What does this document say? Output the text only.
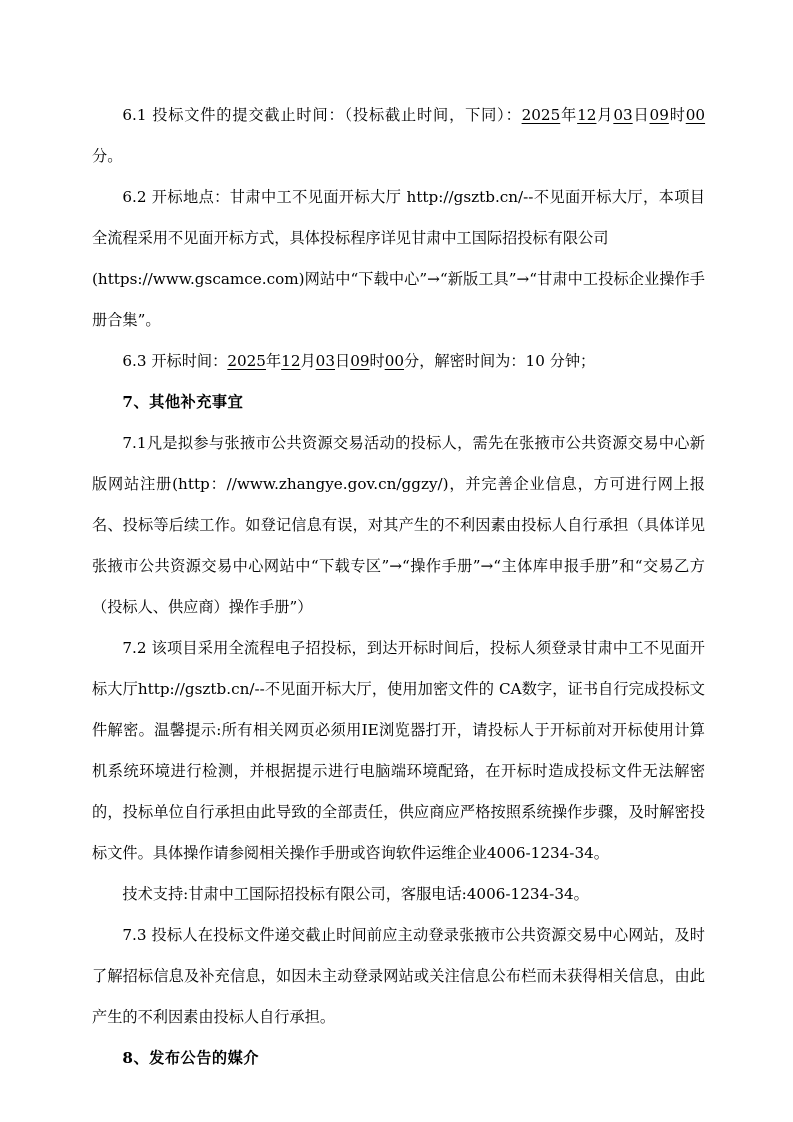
6.1 投标文件的提交截止时间：（投标截止时间，下同）：2025年12月03日09时00分。

6.2 开标地点：甘肃中工不见面开标大厅 http://gsztb.cn/--不见面开标大厅，本项目全流程采用不见面开标方式，具体投标程序详见甘肃中工国际招投标有限公司

(https://www.gscamce.com)网站中“下载中心”→“新版工具”→“甘肃中工投标企业操作手册合集”。

6.3 开标时间：2025年12月03日09时00分，解密时间为：10 分钟；

7、其他补充事宜

7.1凡是拟参与张掖市公共资源交易活动的投标人，需先在张掖市公共资源交易中心新版网站注册(http：//www.zhangye.gov.cn/ggzy/)，并完善企业信息，方可进行网上报名、投标等后续工作。如登记信息有误，对其产生的不利因素由投标人自行承担（具体详见张掖市公共资源交易中心网站中“下载专区”→“操作手册”→“主体库申报手册”和“交易乙方（投标人、供应商）操作手册”）

7.2 该项目采用全流程电子招投标，到达开标时间后，投标人须登录甘肃中工不见面开标大厅http://gsztb.cn/--不见面开标大厅，使用加密文件的 CA数字，证书自行完成投标文件解密。温馨提示:所有相关网页必须用IE浏览器打开，请投标人于开标前对开标使用计算机系统环境进行检测，并根据提示进行电脑端环境配臵，在开标时造成投标文件无法解密的，投标单位自行承担由此导致的全部责任，供应商应严格按照系统操作步骤，及时解密投标文件。具体操作请参阅相关操作手册或咨询软件运维企业4006-1234-34。

技术支持:甘肃中工国际招投标有限公司，客服电话:4006-1234-34。

7.3 投标人在投标文件递交截止时间前应主动登录张掖市公共资源交易中心网站，及时了解招标信息及补充信息，如因未主动登录网站或关注信息公布栏而未获得相关信息，由此产生的不利因素由投标人自行承担。

8、发布公告的媒介
